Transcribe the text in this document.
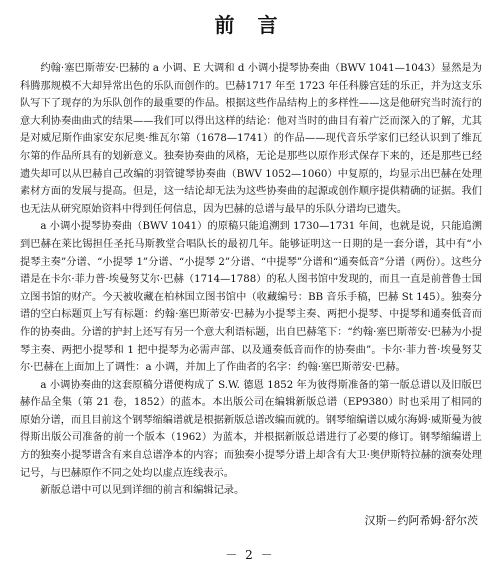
前 言

约翰·塞巴斯蒂安·巴赫的 a 小调、E 大调和 d 小调小提琴协奏曲（BWV 1041—1043）显然是为科腾那规模不大却异常出色的乐队而创作的。巴赫1717 年至 1723 年任科滕宫廷的乐正，并为这支乐队写下了现存的为乐队创作的最重要的作品。根据这些作品结构上的多样性——这是他研究当时流行的意大利协奏曲曲式的结果——我们可以得出这样的结论：他对当时的曲目有着广泛而深入的了解，尤其是对威尼斯作曲家安东尼奥·维瓦尔第（1678—1741）的作品——现代音乐学家们已经认识到了维瓦尔第的作品所具有的划新意义。独奏协奏曲的风格，无论是那些以原作形式保存下来的，还是那些已经遗失却可以从巴赫自己改编的羽管键琴协奏曲（BWV 1052—1060）中复原的，均显示出巴赫在处理素材方面的发展与提高。但是，这一结论却无法为这些协奏曲的起源或创作顺序提供精确的证据。我们也无法从研究原始资料中得到任何信息，因为巴赫的总谱与最早的乐队分谱均已遗失。

a 小调小提琴协奏曲（BWV 1041）的原稿只能追溯到 1730—1731 年间，也就是说，只能追溯到巴赫在莱比锡担任圣托马斯教堂合唱队长的最初几年。能够证明这一日期的是一套分谱，其中有“小提琴主奏”分谱、“小提琴 1”分谱、“小提琴 2”分谱、“中提琴”分谱和“通奏低音”分谱（两份）。这些分谱是在卡尔·菲力普·埃曼努艾尔·巴赫（1714—1788）的私人图书馆中发现的，而且一直是前普鲁士国立图书馆的财产。今天被收藏在柏林国立图书馆中（收藏编号：BB 音乐手稿，巴赫 St 145）。独奏分谱的空白标题页上写有标题：约翰·塞巴斯蒂安·巴赫为小提琴主奏、两把小提琴、中提琴和通奏低音而作的协奏曲。分谱的护封上还写有另一个意大利语标题，出自巴赫笔下：“约翰·塞巴斯蒂安·巴赫为小提琴主奏、两把小提琴和 1 把中提琴为必需声部、以及通奏低音而作的协奏曲”。卡尔·菲力普·埃曼努艾尔·巴赫在上面加上了调性：a 小调，并加上了作曲者的名字：约翰·塞巴斯蒂安·巴赫。

a 小调协奏曲的这套原稿分谱便构成了 S.W. 德恩 1852 年为彼得斯准备的第一版总谱以及旧版巴赫作品全集（第 21 卷，1852）的蓝本。本出版公司在编辑新版总谱（EP9380）时也采用了相同的原始分谱，而且目前这个钢琴缩编谱就是根据新版总谱改编而就的。钢琴缩编谱以威尔海姆·威斯曼为彼得斯出版公司准备的前一个版本（1962）为蓝本，并根据新版总谱进行了必要的修订。钢琴缩编谱上方的独奏小提琴谱含有来自总谱净本的内容；而独奏小提琴分谱上却含有大卫·奥伊斯特拉赫的演奏处理记号，与巴赫原作不同之处均以虚点连线表示。

新版总谱中可以见到详细的前言和编辑记录。

汉斯－约阿希姆·舒尔茨
－ 2 －
